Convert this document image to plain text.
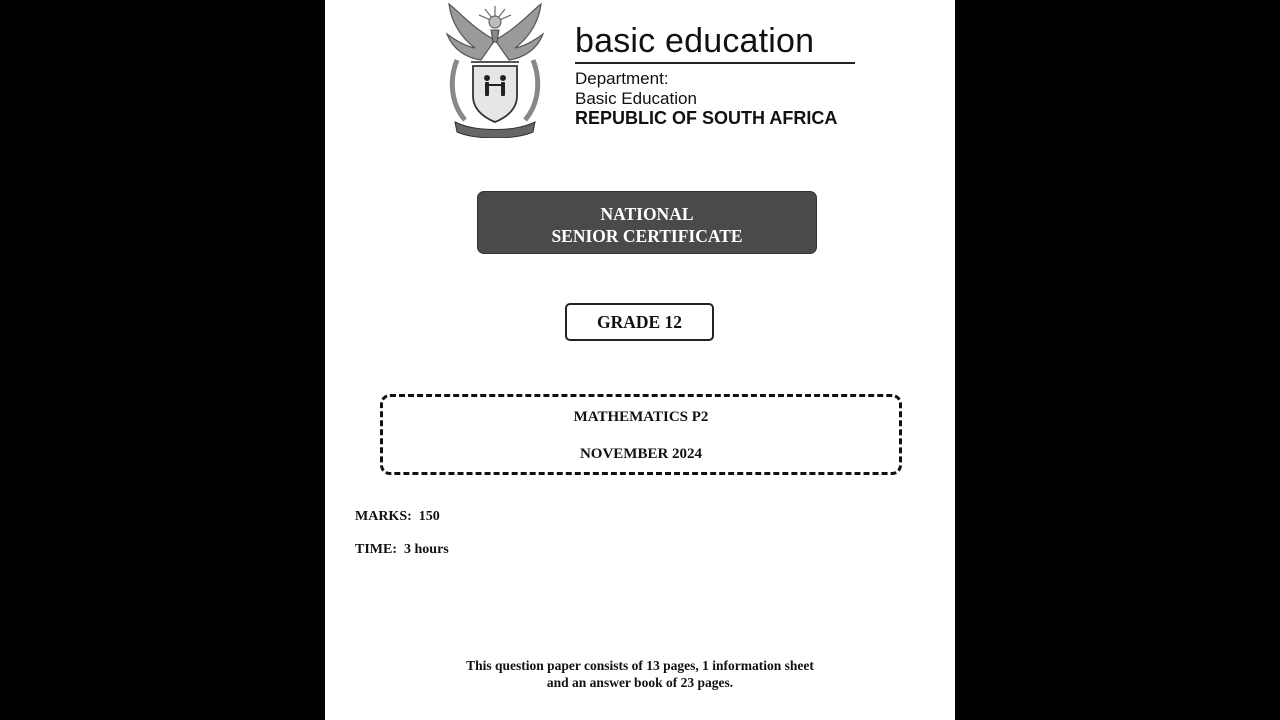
basic education
Department:
Basic Education
REPUBLIC OF SOUTH AFRICA
NATIONAL
SENIOR CERTIFICATE
GRADE 12
MATHEMATICS P2
NOVEMBER 2024
MARKS: 150
TIME: 3 hours
This question paper consists of 13 pages, 1 information sheet
and an answer book of 23 pages.
